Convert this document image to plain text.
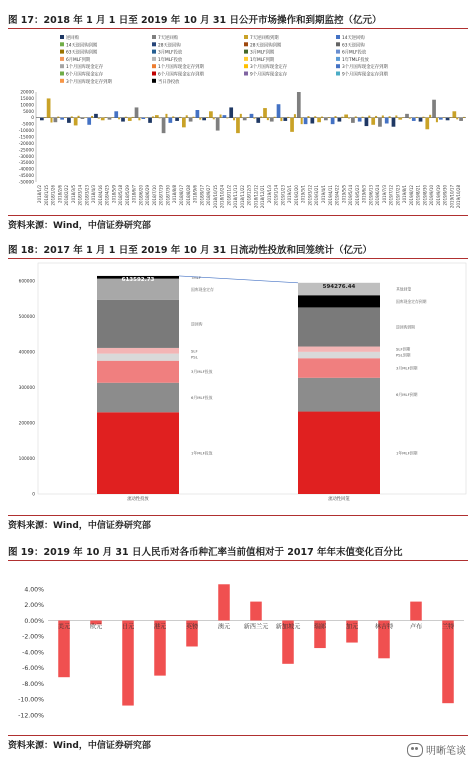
图 17：2018 年 1 月 1 日至 2019 年 10 月 31 日公开市场操作和到期监控（亿元）
逆回购	7天逆回购	7天逆回购到期	14天逆回购
14天逆回购到期	28天逆回购	28天逆回购到期	63天逆回购
63天逆回购到期	3月MLF投放	3月MLF到期	6月MLF投放
6月MLF到期	1年MLF投放	1年MLF到期	1年TMLF投放
1个月国库现金定存	1个月国库现金定存到期	3个月国库现金定存	3个月国库现金定存到期
6个月国库现金定存	6个月国库现金定存到期	9个月国库现金定存	9个月国库现金定存到期
3个月国库现金定存到期	当日净投放
20000
15000
10000
5000
0
-5000
-10000
-15000
-20000
-25000
-30000
-35000
-40000
-45000
-50000
2018/1/2 2018/1/15 2018/1/26 2018/2/6 2018/2/22 2018/3/5 2018/3/14 2018/3/23 2018/4/3 2018/4/16 2018/4/25 2018/5/9 2018/5/18 2018/5/29 2018/6/7 2018/6/20 2018/6/29 2018/7/10 2018/7/19 2018/7/30 2018/8/8 2018/8/17 2018/8/28 2018/9/6 2018/9/17 2018/9/27 2018/10/15 2018/10/24 2018/11/2 2018/11/13 2018/11/22 2018/12/3 2018/12/12 2018/12/21 2019/1/3 2019/1/14 2019/1/23 2019/2/1 2019/2/20 2019/3/1 2019/3/12 2019/3/21 2019/4/1 2019/4/11 2019/4/22 2019/5/5 2019/5/14 2019/5/23 2019/6/3 2019/6/13 2019/6/24 2019/7/3 2019/7/12 2019/7/23 2019/8/1 2019/8/12 2019/8/21 2019/8/30 2019/9/10 2019/9/19 2019/9/30 2019/10/17 2019/10/28
资料来源：Wind，中信证券研究部
图 18：2017 年 1 月 1 日至 2019 年 10 月 31 日流动性投放和回笼统计（亿元）
600000
500000
400000
300000
200000
100000
0
1年MLF投放
6月MLF投放
3月MLF投放
PSL
SLF
逆回购
国库现金定存
TMLF
613592.73
流动性投放
1年MLF到期
6月MLF到期
3月MLF到期
PSL到期
SLF到期
逆回购到期
国库现金定存到期
其他回笼
594276.44
流动性回笼
资料来源：Wind，中信证券研究部
图 19：2019 年 10 月 31 日人民币对各币种汇率当前值相对于 2017 年年末值变化百分比
4.00%
2.00%
0.00%
-2.00%
-4.00%
-6.00%
-8.00%
-10.00%
-12.00%
美元	欧元	日元	港元	英镑	澳元 新西兰元 新加坡元 瑞郎	加元	林吉特	卢布	兰特
资料来源：Wind，中信证券研究部	明晰笔谈
